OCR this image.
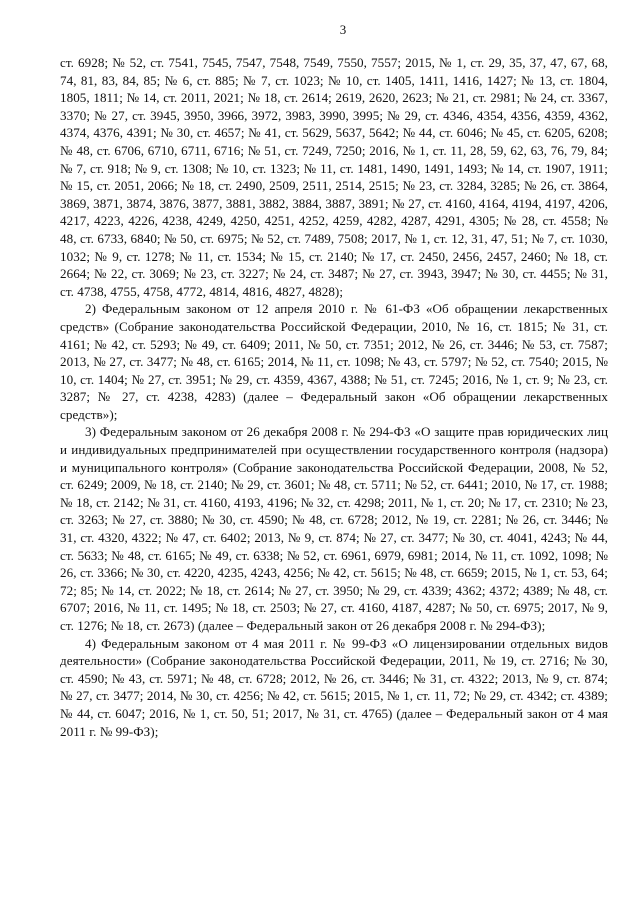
3

ст. 6928; № 52, ст. 7541, 7545, 7547, 7548, 7549, 7550, 7557; 2015, № 1, ст. 29, 35, 37, 47, 67, 68, 74, 81, 83, 84, 85; № 6, ст. 885; № 7, ст. 1023; № 10, ст. 1405, 1411, 1416, 1427; № 13, ст. 1804, 1805, 1811; № 14, ст. 2011, 2021; № 18, ст. 2614; 2619, 2620, 2623; № 21, ст. 2981; № 24, ст. 3367, 3370; № 27, ст. 3945, 3950, 3966, 3972, 3983, 3990, 3995; № 29, ст. 4346, 4354, 4356, 4359, 4362, 4374, 4376, 4391; № 30, ст. 4657; № 41, ст. 5629, 5637, 5642; № 44, ст. 6046; № 45, ст. 6205, 6208; № 48, ст. 6706, 6710, 6711, 6716; № 51, ст. 7249, 7250; 2016, № 1, ст. 11, 28, 59, 62, 63, 76, 79, 84; № 7, ст. 918; № 9, ст. 1308; № 10, ст. 1323; № 11, ст. 1481, 1490, 1491, 1493; № 14, ст. 1907, 1911; № 15, ст. 2051, 2066; № 18, ст. 2490, 2509, 2511, 2514, 2515; № 23, ст. 3284, 3285; № 26, ст. 3864, 3869, 3871, 3874, 3876, 3877, 3881, 3882, 3884, 3887, 3891; № 27, ст. 4160, 4164, 4194, 4197, 4206, 4217, 4223, 4226, 4238, 4249, 4250, 4251, 4252, 4259, 4282, 4287, 4291, 4305; № 28, ст. 4558; № 48, ст. 6733, 6840; № 50, ст. 6975; № 52, ст. 7489, 7508; 2017, № 1, ст. 12, 31, 47, 51; № 7, ст. 1030, 1032; № 9, ст. 1278; № 11, ст. 1534; № 15, ст. 2140; № 17, ст. 2450, 2456, 2457, 2460; № 18, ст. 2664; № 22, ст. 3069; № 23, ст. 3227; № 24, ст. 3487; № 27, ст. 3943, 3947; № 30, ст. 4455; № 31, ст. 4738, 4755, 4758, 4772, 4814, 4816, 4827, 4828);

2) Федеральным законом от 12 апреля 2010 г. № 61-ФЗ «Об обращении лекарственных средств» (Собрание законодательства Российской Федерации, 2010, № 16, ст. 1815; № 31, ст. 4161; № 42, ст. 5293; № 49, ст. 6409; 2011, № 50, ст. 7351; 2012, № 26, ст. 3446; № 53, ст. 7587; 2013, № 27, ст. 3477; № 48, ст. 6165; 2014, № 11, ст. 1098; № 43, ст. 5797; № 52, ст. 7540; 2015, № 10, ст. 1404; № 27, ст. 3951; № 29, ст. 4359, 4367, 4388; № 51, ст. 7245; 2016, № 1, ст. 9; № 23, ст. 3287; № 27, ст. 4238, 4283) (далее – Федеральный закон «Об обращении лекарственных средств»);

3) Федеральным законом от 26 декабря 2008 г. № 294-ФЗ «О защите прав юридических лиц и индивидуальных предпринимателей при осуществлении государственного контроля (надзора) и муниципального контроля» (Собрание законодательства Российской Федерации, 2008, № 52, ст. 6249; 2009, № 18, ст. 2140; № 29, ст. 3601; № 48, ст. 5711; № 52, ст. 6441; 2010, № 17, ст. 1988; № 18, ст. 2142; № 31, ст. 4160, 4193, 4196; № 32, ст. 4298; 2011, № 1, ст. 20; № 17, ст. 2310; № 23, ст. 3263; № 27, ст. 3880; № 30, ст. 4590; № 48, ст. 6728; 2012, № 19, ст. 2281; № 26, ст. 3446; № 31, ст. 4320, 4322; № 47, ст. 6402; 2013, № 9, ст. 874; № 27, ст. 3477; № 30, ст. 4041, 4243; № 44, ст. 5633; № 48, ст. 6165; № 49, ст. 6338; № 52, ст. 6961, 6979, 6981; 2014, № 11, ст. 1092, 1098; № 26, ст. 3366; № 30, ст. 4220, 4235, 4243, 4256; № 42, ст. 5615; № 48, ст. 6659; 2015, № 1, ст. 53, 64; 72; 85; № 14, ст. 2022; № 18, ст. 2614; № 27, ст. 3950; № 29, ст. 4339; 4362; 4372; 4389; № 48, ст. 6707; 2016, № 11, ст. 1495; № 18, ст. 2503; № 27, ст. 4160, 4187, 4287; № 50, ст. 6975; 2017, № 9, ст. 1276; № 18, ст. 2673) (далее – Федеральный закон от 26 декабря 2008 г. № 294-ФЗ);

4) Федеральным законом от 4 мая 2011 г. № 99-ФЗ «О лицензировании отдельных видов деятельности» (Собрание законодательства Российской Федерации, 2011, № 19, ст. 2716; № 30, ст. 4590; № 43, ст. 5971; № 48, ст. 6728; 2012, № 26, ст. 3446; № 31, ст. 4322; 2013, № 9, ст. 874; № 27, ст. 3477; 2014, № 30, ст. 4256; № 42, ст. 5615; 2015, № 1, ст. 11, 72; № 29, ст. 4342; ст. 4389; № 44, ст. 6047; 2016, № 1, ст. 50, 51; 2017, № 31, ст. 4765) (далее – Федеральный закон от 4 мая 2011 г. № 99-ФЗ);
